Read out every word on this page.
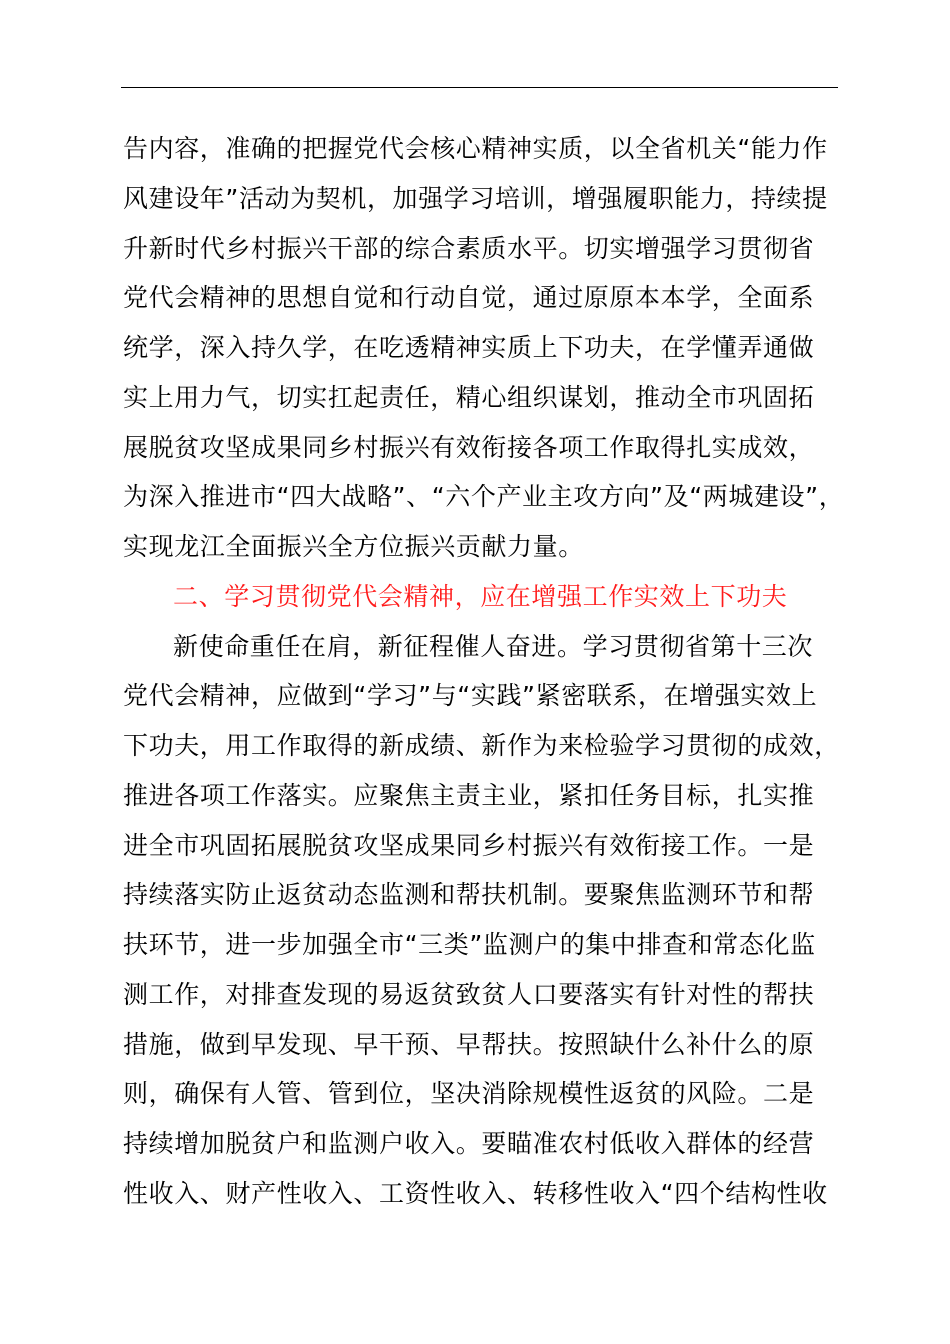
告内容，准确的把握党代会核心精神实质，以全省机关“能力作
风建设年”活动为契机，加强学习培训，增强履职能力，持续提
升新时代乡村振兴干部的综合素质水平。切实增强学习贯彻省
党代会精神的思想自觉和行动自觉，通过原原本本学，全面系
统学，深入持久学，在吃透精神实质上下功夫，在学懂弄通做
实上用力气，切实扛起责任，精心组织谋划，推动全市巩固拓
展脱贫攻坚成果同乡村振兴有效衔接各项工作取得扎实成效，
为深入推进市“四大战略”、“六个产业主攻方向”及“两城建设”，
实现龙江全面振兴全方位振兴贡献力量。
二、学习贯彻党代会精神，应在增强工作实效上下功夫
新使命重任在肩，新征程催人奋进。学习贯彻省第十三次
党代会精神，应做到“学习”与“实践”紧密联系，在增强实效上
下功夫，用工作取得的新成绩、新作为来检验学习贯彻的成效，
推进各项工作落实。应聚焦主责主业，紧扣任务目标，扎实推
进全市巩固拓展脱贫攻坚成果同乡村振兴有效衔接工作。一是
持续落实防止返贫动态监测和帮扶机制。要聚焦监测环节和帮
扶环节，进一步加强全市“三类”监测户的集中排查和常态化监
测工作，对排查发现的易返贫致贫人口要落实有针对性的帮扶
措施，做到早发现、早干预、早帮扶。按照缺什么补什么的原
则，确保有人管、管到位，坚决消除规模性返贫的风险。二是
持续增加脱贫户和监测户收入。要瞄准农村低收入群体的经营
性收入、财产性收入、工资性收入、转移性收入“四个结构性收
